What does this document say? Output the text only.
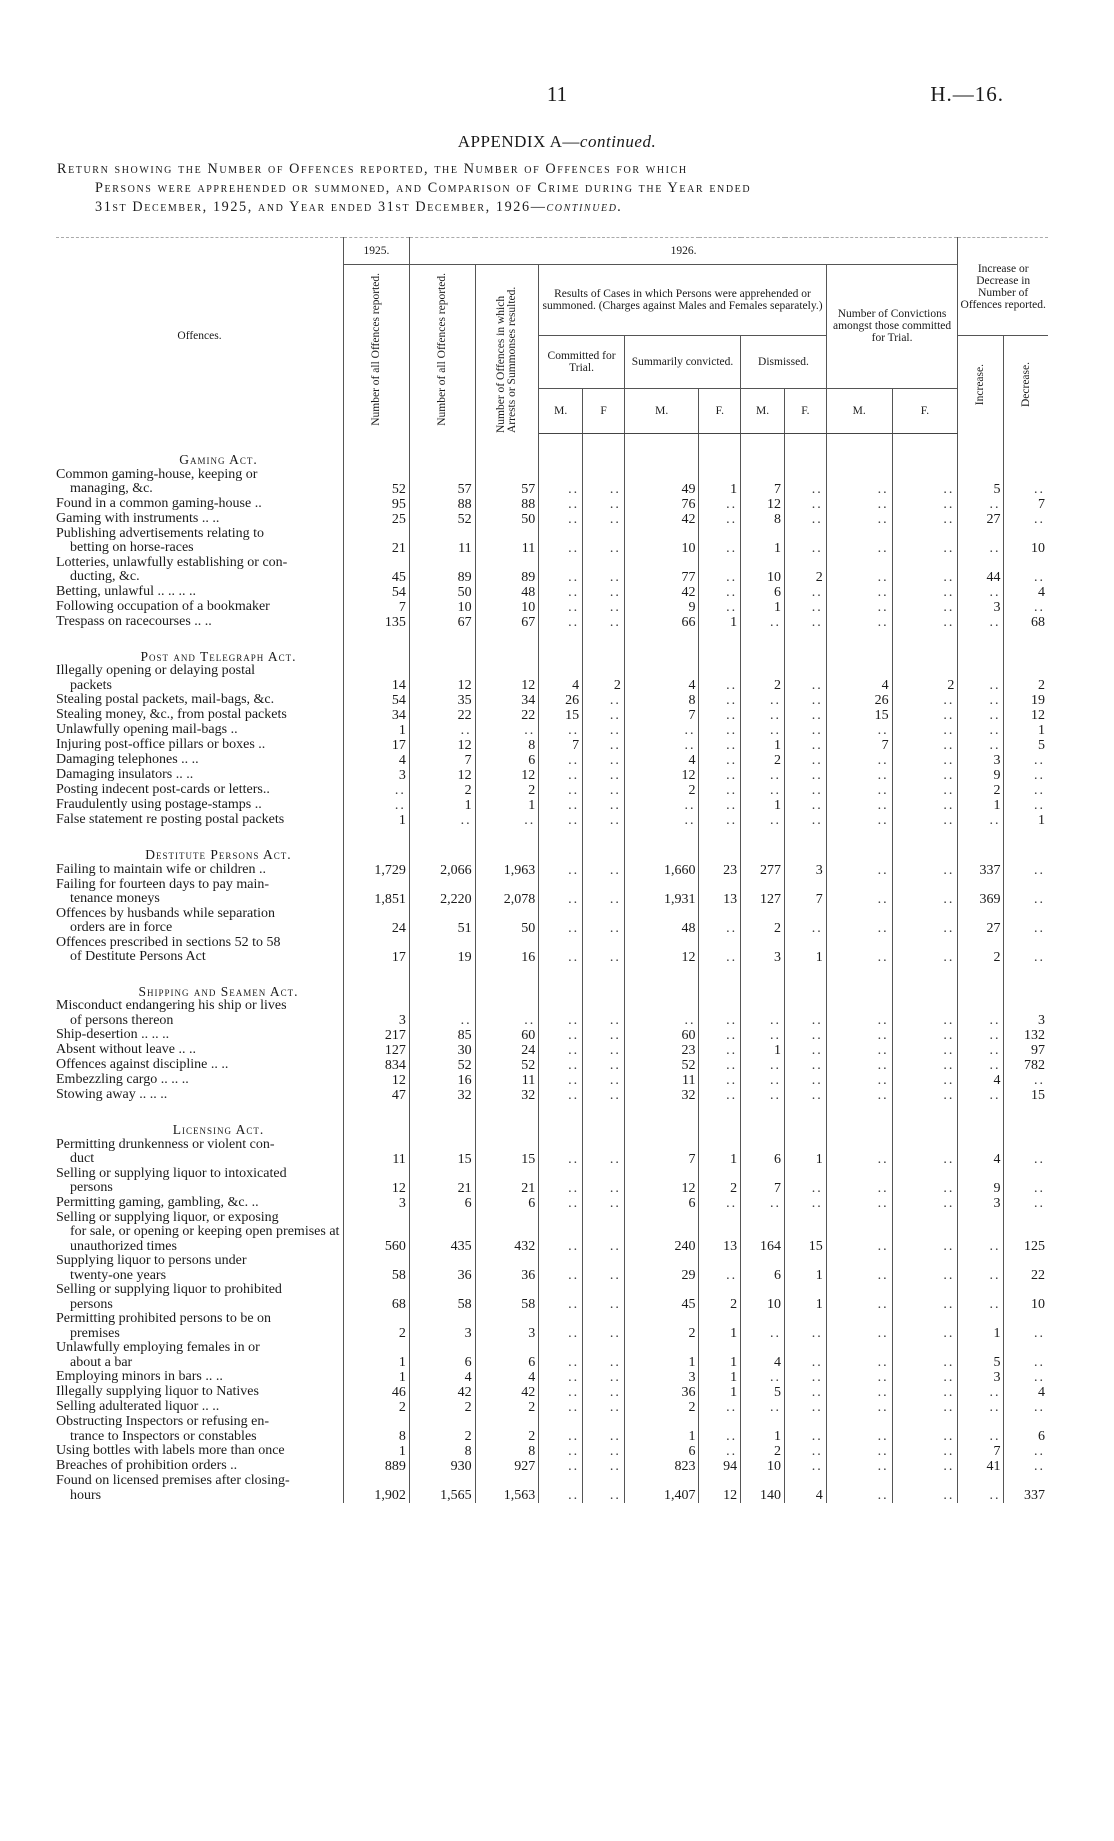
11	H.—16.
APPENDIX A—continued.
Return showing the Number of Offences reported, the Number of Offences for which
Persons were apprehended or summoned, and Comparison of Crime during the Year ended
31st December, 1925, and Year ended 31st December, 1926—continued.
Offences.	1925.	1926.										Increase or Decrease in Number of Offences reported.	

	Number of all Offences reported.	Number of all Offences reported.	Number of Offences in which Arrests or Summonses resulted.	Results of Cases in which Persons were apprehended or summoned. (Charges against Males and Females separately.)						Number of Convictions amongst those committed for Trial.			
				Committed for Trial.		Summarily convicted.		Dismissed.				Increase.	Decrease.

				M.	F	M.	F.	M.	F.	M.	F.		
Gaming Act.													
Common gaming-house, keeping or
managing, &c.	52	57	57	..	..	49	1	7	..	..	..	5	..
Found in a common gaming-house ..	95	88	88	..	..	76	..	12	..	..	..	..	7
Gaming with instruments .. ..	25	52	50	..	..	42	..	8	..	..	..	27	..
Publishing advertisements relating to
betting on horse-races	21	11	11	..	..	10	..	1	..	..	..	..	10
Lotteries, unlawfully establishing or con-
ducting, &c.	45	89	89	..	..	77	..	10	2	..	..	44	..
Betting, unlawful .. .. .. ..	54	50	48	..	..	42	..	6	..	..	..	..	4
Following occupation of a bookmaker	7	10	10	..	..	9	..	1	..	..	..	3	..
Trespass on racecourses .. ..	135	67	67	..	..	66	1	..	..	..	..	..	68
Post and Telegraph Act.													
Illegally opening or delaying postal
packets	14	12	12	4	2	4	..	2	..	4	2	..	2
Stealing postal packets, mail-bags, &c.	54	35	34	26	..	8	..	..	..	26	..	..	19
Stealing money, &c., from postal packets	34	22	22	15	..	7	..	..	..	15	..	..	12
Unlawfully opening mail-bags ..	1	..	..	..	..	..	..	..	..	..	..	..	1
Injuring post-office pillars or boxes ..	17	12	8	7	..	..	..	1	..	7	..	..	5
Damaging telephones .. ..	4	7	6	..	..	4	..	2	..	..	..	3	..
Damaging insulators .. ..	3	12	12	..	..	12	..	..	..	..	..	9	..
Posting indecent post-cards or letters..	..	2	2	..	..	2	..	..	..	..	..	2	..
Fraudulently using postage-stamps ..	..	1	1	..	..	..	..	1	..	..	..	1	..
False statement re posting postal packets	1	..	..	..	..	..	..	..	..	..	..	..	1
Destitute Persons Act.													
Failing to maintain wife or children ..	1,729	2,066	1,963	..	..	1,660	23	277	3	..	..	337	..
Failing for fourteen days to pay main-
tenance moneys	1,851	2,220	2,078	..	..	1,931	13	127	7	..	..	369	..
Offences by husbands while separation
orders are in force	24	51	50	..	..	48	..	2	..	..	..	27	..
Offences prescribed in sections 52 to 58
of Destitute Persons Act	17	19	16	..	..	12	..	3	1	..	..	2	..
Shipping and Seamen Act.													
Misconduct endangering his ship or lives
of persons thereon	3	..	..	..	..	..	..	..	..	..	..	..	3
Ship-desertion .. .. ..	217	85	60	..	..	60	..	..	..	..	..	..	132
Absent without leave .. ..	127	30	24	..	..	23	..	1	..	..	..	..	97
Offences against discipline .. ..	834	52	52	..	..	52	..	..	..	..	..	..	782
Embezzling cargo .. .. ..	12	16	11	..	..	11	..	..	..	..	..	4	..
Stowing away .. .. ..	47	32	32	..	..	32	..	..	..	..	..	..	15
Licensing Act.													
Permitting drunkenness or violent con-
duct	11	15	15	..	..	7	1	6	1	..	..	4	..
Selling or supplying liquor to intoxicated
persons	12	21	21	..	..	12	2	7	..	..	..	9	..
Permitting gaming, gambling, &c. ..	3	6	6	..	..	6	..	..	..	..	..	3	..
Selling or supplying liquor, or exposing
for sale, or opening or keeping open premises at unauthorized times	560	435	432	..	..	240	13	164	15	..	..	..	125
Supplying liquor to persons under
twenty-one years	58	36	36	..	..	29	..	6	1	..	..	..	22
Selling or supplying liquor to prohibited
persons	68	58	58	..	..	45	2	10	1	..	..	..	10
Permitting prohibited persons to be on
premises	2	3	3	..	..	2	1	..	..	..	..	1	..
Unlawfully employing females in or
about a bar	1	6	6	..	..	1	1	4	..	..	..	5	..
Employing minors in bars .. ..	1	4	4	..	..	3	1	..	..	..	..	3	..
Illegally supplying liquor to Natives	46	42	42	..	..	36	1	5	..	..	..	..	4
Selling adulterated liquor .. ..	2	2	2	..	..	2	..	..	..	..	..	..	..
Obstructing Inspectors or refusing en-
trance to Inspectors or constables	8	2	2	..	..	1	..	1	..	..	..	..	6
Using bottles with labels more than once	1	8	8	..	..	6	..	2	..	..	..	7	..
Breaches of prohibition orders ..	889	930	927	..	..	823	94	10	..	..	..	41	..
Found on licensed premises after closing-
hours	1,902	1,565	1,563	..	..	1,407	12	140	4	..	..	..	337
